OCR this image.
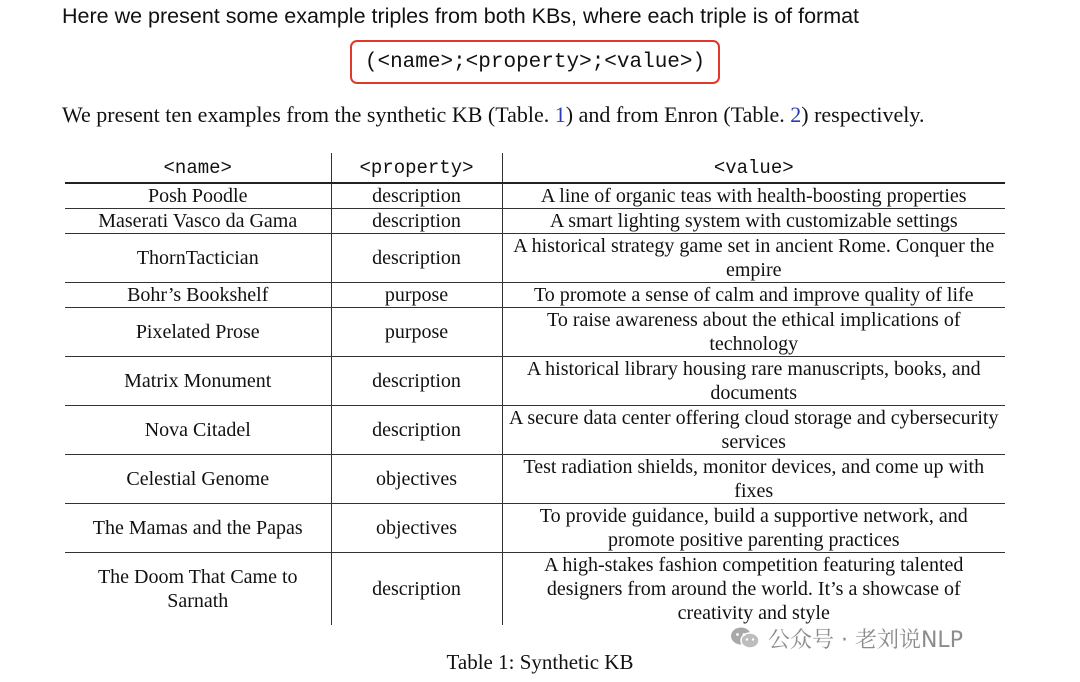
Here we present some example triples from both KBs, where each triple is of format
(<name>;<property>;<value>)
We present ten examples from the synthetic KB (Table. 1) and from Enron (Table. 2) respectively.
<name>	<property>	<value>
Posh Poodle	description	A line of organic teas with health-boosting properties
Maserati Vasco da Gama	description	A smart lighting system with customizable settings
ThornTactician	description	A historical strategy game set in ancient Rome. Conquer the empire
Bohr’s Bookshelf	purpose	To promote a sense of calm and improve quality of life
Pixelated Prose	purpose	To raise awareness about the ethical implications of technology
Matrix Monument	description	A historical library housing rare manuscripts, books, and documents
Nova Citadel	description	A secure data center offering cloud storage and cybersecurity services
Celestial Genome	objectives	Test radiation shields, monitor devices, and come up with fixes
The Mamas and the Papas	objectives	To provide guidance, build a supportive network, and promote positive parenting practices
The Doom That Came to Sarnath	description	A high-stakes fashion competition featuring talented designers from around the world. It’s a showcase of creativity and style
公众号 · 老刘说NLP
Table 1: Synthetic KB
